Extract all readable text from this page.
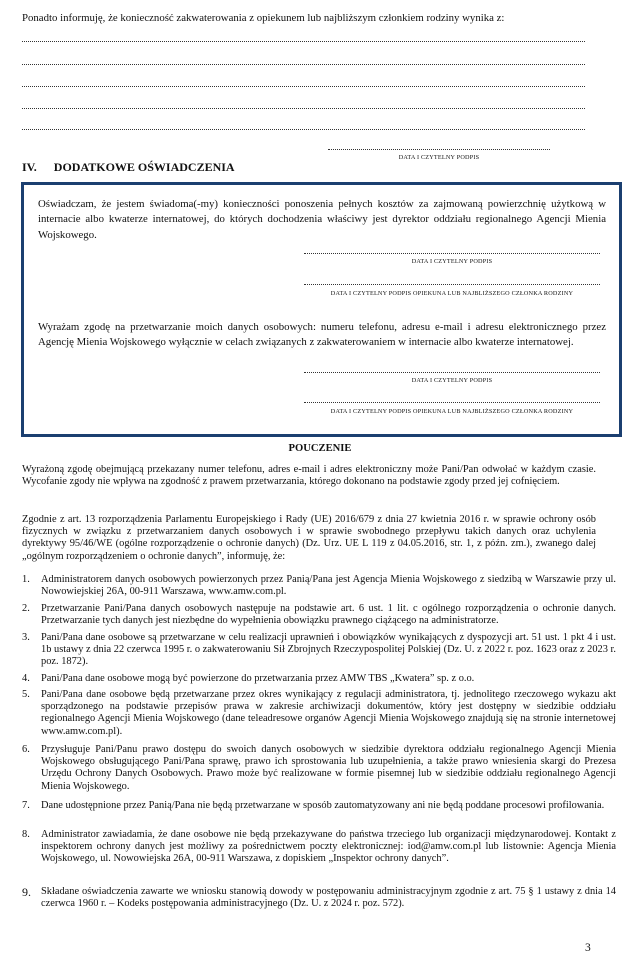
Ponadto informuję, że konieczność zakwaterowania z opiekunem lub najbliższym członkiem rodziny wynika z:
DATA I CZYTELNY PODPIS
IV. DODATKOWE OŚWIADCZENIA
Oświadczam, że jestem świadoma(-my) konieczności ponoszenia pełnych kosztów za zajmowaną powierzchnię użytkową w internacie albo kwaterze internatowej, do których dochodzenia właściwy jest dyrektor oddziału regionalnego Agencji Mienia Wojskowego.
DATA I CZYTELNY PODPIS
DATA I CZYTELNY PODPIS OPIEKUNA LUB NAJBLIŻSZEGO CZŁONKA RODZINY
Wyrażam zgodę na przetwarzanie moich danych osobowych: numeru telefonu, adresu e-mail i adresu elektronicznego przez Agencję Mienia Wojskowego wyłącznie w celach związanych z zakwaterowaniem w internacie albo kwaterze internatowej.
DATA I CZYTELNY PODPIS
DATA I CZYTELNY PODPIS OPIEKUNA LUB NAJBLIŻSZEGO CZŁONKA RODZINY
POUCZENIE
Wyrażoną zgodę obejmującą przekazany numer telefonu, adres e-mail i adres elektroniczny może Pani/Pan odwołać w każdym czasie. Wycofanie zgody nie wpływa na zgodność z prawem przetwarzania, którego dokonano na podstawie zgody przed jej cofnięciem.
Zgodnie z art. 13 rozporządzenia Parlamentu Europejskiego i Rady (UE) 2016/679 z dnia 27 kwietnia 2016 r. w sprawie ochrony osób fizycznych w związku z przetwarzaniem danych osobowych i w sprawie swobodnego przepływu takich danych oraz uchylenia dyrektywy 95/46/WE (ogólne rozporządzenie o ochronie danych) (Dz. Urz. UE L 119 z 04.05.2016, str. 1, z późn. zm.), zwanego dalej „ogólnym rozporządzeniem o ochronie danych”, informuję, że:
1. Administratorem danych osobowych powierzonych przez Panią/Pana jest Agencja Mienia Wojskowego z siedzibą w Warszawie przy ul. Nowowiejskiej 26A, 00-911 Warszawa, www.amw.com.pl.
2. Przetwarzanie Pani/Pana danych osobowych następuje na podstawie art. 6 ust. 1 lit. c ogólnego rozporządzenia o ochronie danych. Przetwarzanie tych danych jest niezbędne do wypełnienia obowiązku prawnego ciążącego na administratorze.
3. Pani/Pana dane osobowe są przetwarzane w celu realizacji uprawnień i obowiązków wynikających z dyspozycji art. 51 ust. 1 pkt 4 i ust. 1b ustawy z dnia 22 czerwca 1995 r. o zakwaterowaniu Sił Zbrojnych Rzeczypospolitej Polskiej (Dz. U. z 2022 r. poz. 1623 oraz z 2023 r. poz. 1872).
4. Pani/Pana dane osobowe mogą być powierzone do przetwarzania przez AMW TBS „Kwatera” sp. z o.o.
5. Pani/Pana dane osobowe będą przetwarzane przez okres wynikający z regulacji administratora, tj. jednolitego rzeczowego wykazu akt sporządzonego na podstawie przepisów prawa w zakresie archiwizacji dokumentów, który jest dostępny w siedzibie oddziału regionalnego Agencji Mienia Wojskowego (dane teleadresowe organów Agencji Mienia Wojskowego znajdują się na stronie internetowej www.amw.com.pl).
6. Przysługuje Pani/Panu prawo dostępu do swoich danych osobowych w siedzibie dyrektora oddziału regionalnego Agencji Mienia Wojskowego obsługującego Pani/Pana sprawę, prawo ich sprostowania lub uzupełnienia, a także prawo wniesienia skargi do Prezesa Urzędu Ochrony Danych Osobowych. Prawo może być realizowane w formie pisemnej lub w siedzibie oddziału regionalnego Agencji Mienia Wojskowego.
7. Dane udostępnione przez Panią/Pana nie będą przetwarzane w sposób zautomatyzowany ani nie będą poddane procesowi profilowania.
8. Administrator zawiadamia, że dane osobowe nie będą przekazywane do państwa trzeciego lub organizacji międzynarodowej. Kontakt z inspektorem ochrony danych jest możliwy za pośrednictwem poczty elektronicznej: iod@amw.com.pl lub listownie: Agencja Mienia Wojskowego, ul. Nowowiejska 26A, 00-911 Warszawa, z dopiskiem „Inspektor ochrony danych”.
9. Składane oświadczenia zawarte we wniosku stanowią dowody w postępowaniu administracyjnym zgodnie z art. 75 § 1 ustawy z dnia 14 czerwca 1960 r. – Kodeks postępowania administracyjnego (Dz. U. z 2024 r. poz. 572).
3
